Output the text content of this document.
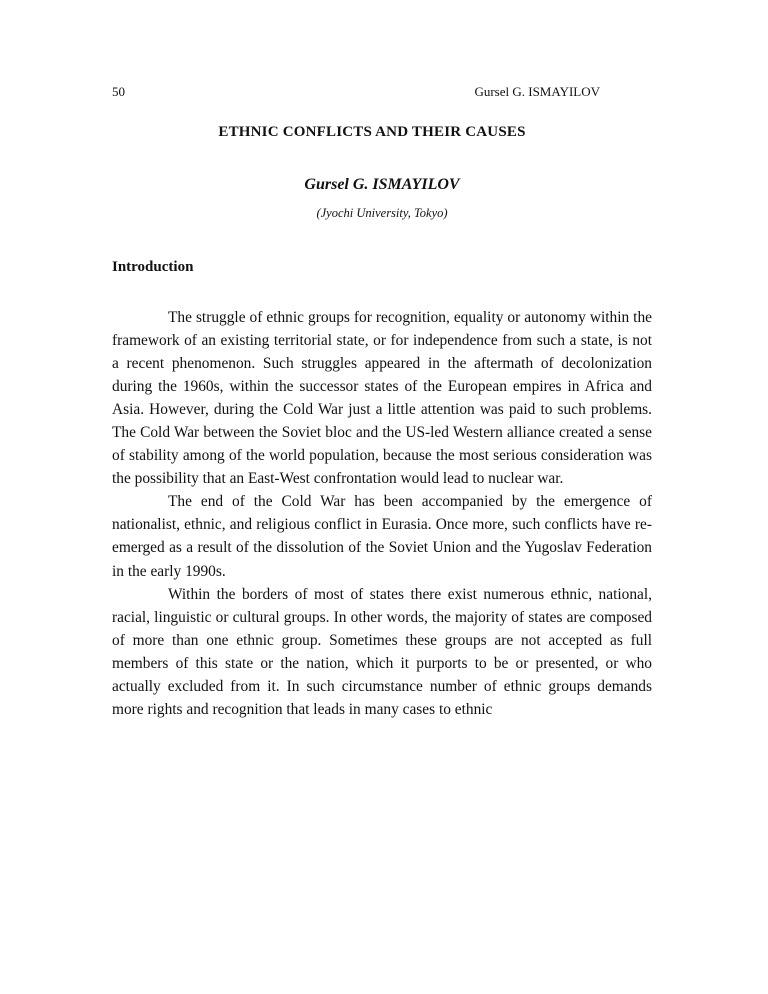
50	Gursel G. ISMAYILOV
ETHNIC CONFLICTS AND THEIR CAUSES

Gursel G. ISMAYILOV

(Jyochi University, Tokyo)

Introduction

The struggle of ethnic groups for recognition, equality or autonomy within the framework of an existing territorial state, or for independence from such a state, is not a recent phenomenon. Such struggles appeared in the aftermath of decolonization during the 1960s, within the successor states of the European empires in Africa and Asia. However, during the Cold War just a little attention was paid to such problems. The Cold War between the Soviet bloc and the US-led Western alliance created a sense of stability among of the world population, because the most serious consideration was the possibility that an East-West confrontation would lead to nuclear war.

The end of the Cold War has been accompanied by the emergence of nationalist, ethnic, and religious conflict in Eurasia. Once more, such conflicts have re-emerged as a result of the dissolution of the Soviet Union and the Yugoslav Federation in the early 1990s.

Within the borders of most of states there exist numerous ethnic, national, racial, linguistic or cultural groups. In other words, the majority of states are composed of more than one ethnic group. Sometimes these groups are not accepted as full members of this state or the nation, which it purports to be or presented, or who actually excluded from it. In such circumstance number of ethnic groups demands more rights and recognition that leads in many cases to ethnic
